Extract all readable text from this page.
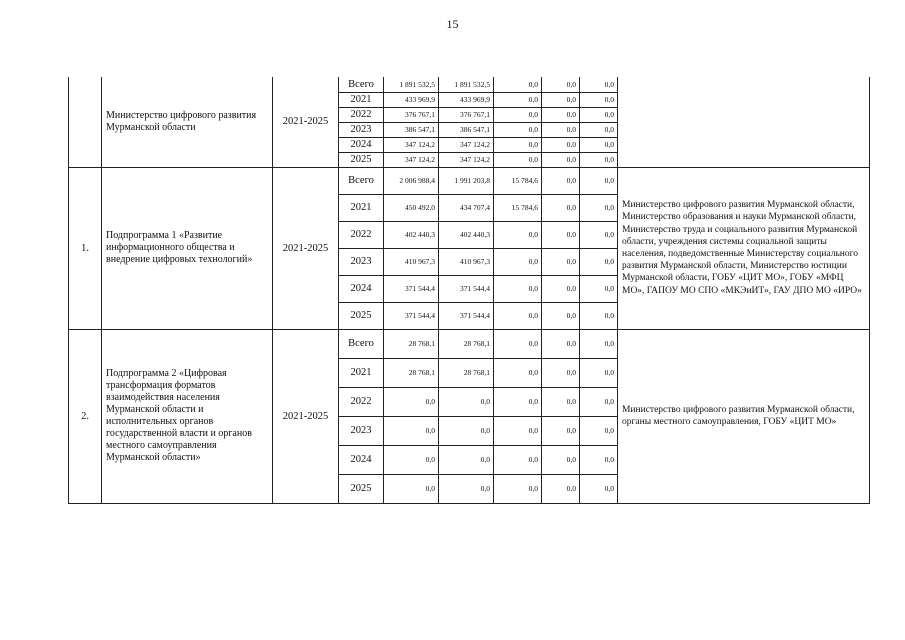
15
	Министерство цифрового развития Мурманской области	2021-2025	Всего	1 891 532,5	1 891 532,5	0,0	0,0	0,0	
			2021	433 969,9	433 969,9	0,0	0,0	0,0	
			2022	376 767,1	376 767,1	0,0	0,0	0,0	
			2023	386 547,1	386 547,1	0,0	0,0	0,0	
			2024	347 124,2	347 124,2	0,0	0,0	0,0	
			2025	347 124,2	347 124,2	0,0	0,0	0,0	
1.	Подпрограмма 1 «Развитие информационного общества и внедрение цифровых технологий»	2021-2025	Всего	2 006 988,4	1 991 203,8	15 784,6	0,0	0,0	Министерство цифрового развития Мурманской области, Министерство образования и науки Мурманской области, Министерство труда и социального развития Мурманской области, учреждения системы социальной защиты населения, подведомственные Министерству социального развития Мурманской области, Министерство юстиции Мурманской области, ГОБУ «ЦИТ МО», ГОБУ «МФЦ МО», ГАПОУ МО СПО «МКЭиИТ», ГАУ ДПО МО «ИРО»
			2021	450 492,0	434 707,4	15 784,6	0,0	0,0	
			2022	402 440,3	402 440,3	0,0	0,0	0,0	
			2023	410 967,3	410 967,3	0,0	0,0	0,0	
			2024	371 544,4	371 544,4	0,0	0,0	0,0	
			2025	371 544,4	371 544,4	0,0	0,0	0,0	
2.	Подпрограмма 2 «Цифровая трансформация форматов взаимодействия населения Мурманской области и исполнительных органов государственной власти и органов местного самоуправления Мурманской области»	2021-2025	Всего	28 768,1	28 768,1	0,0	0,0	0,0	Министерство цифрового развития Мурманской области, органы местного самоуправления, ГОБУ «ЦИТ МО»
			2021	28 768,1	28 768,1	0,0	0,0	0,0	
			2022	0,0	0,0	0,0	0,0	0,0	
			2023	0,0	0,0	0,0	0,0	0,0	
			2024	0,0	0,0	0,0	0,0	0,0	
			2025	0,0	0,0	0,0	0,0	0,0	
